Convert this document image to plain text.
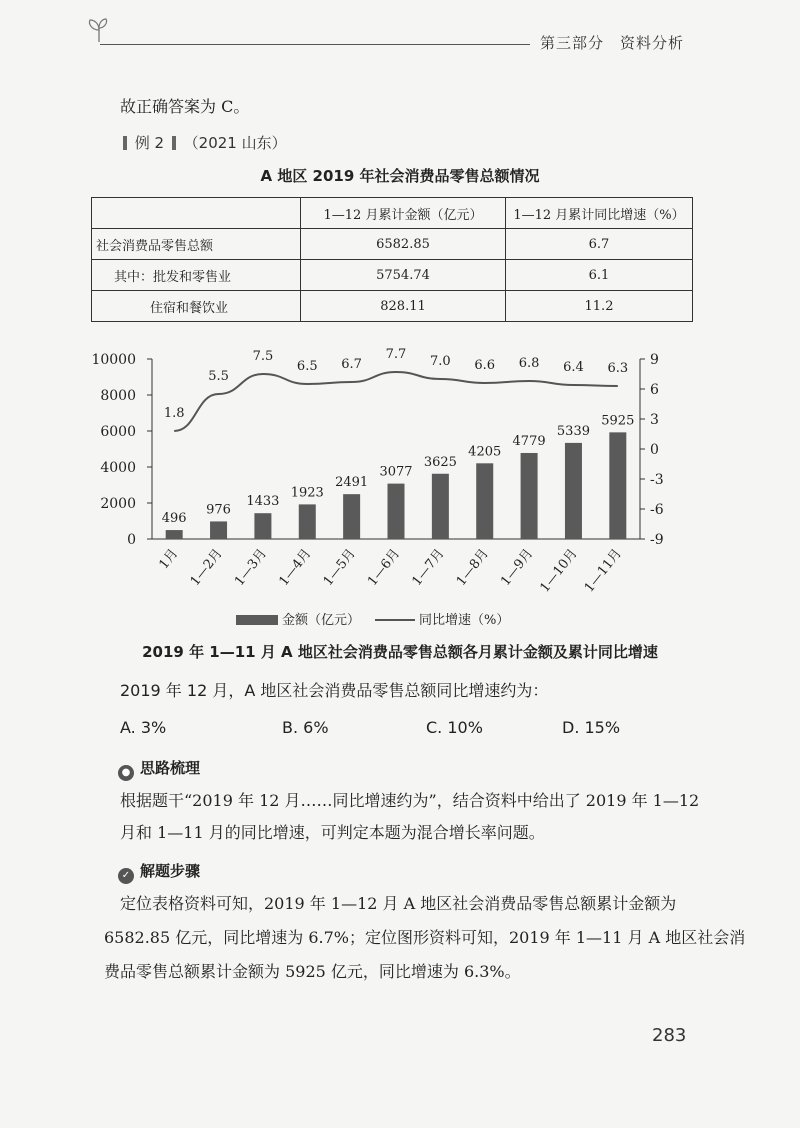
第三部分　资料分析
故正确答案为 C。
例 2 （2021 山东）
A 地区 2019 年社会消费品零售总额情况
	1—12 月累计金额（亿元）	1—12 月累计同比增速（%）
社会消费品零售总额	6582.85	6.7
其中：批发和零售业	5754.74	6.1
住宿和餐饮业	828.11	11.2
0
2000
4000
6000
8000
10000
-9
-6
-3
0
3
6
9
496
976
1433
1923
2491
3077
3625
4205
4779
5339
5925
1.8
5.5
7.5
6.5 6.7
7.7 7.0 6.6 6.8 6.4 6.3
1月 1—2月 1—3月 1—4月 1—5月 1—6月 1—7月 1—8月 1—9月 1—10月 1—11月
金额（亿元）	同比增速（%）
2019 年 1—11 月 A 地区社会消费品零售总额各月累计金额及累计同比增速
2019 年 12 月，A 地区社会消费品零售总额同比增速约为：
A. 3%	B. 6%	C. 10%	D. 15%
● 思路梳理
根据题干“2019 年 12 月……同比增速约为”，结合资料中给出了 2019 年 1—12
月和 1—11 月的同比增速，可判定本题为混合增长率问题。
✓ 解题步骤
定位表格资料可知，2019 年 1—12 月 A 地区社会消费品零售总额累计金额为
6582.85 亿元，同比增速为 6.7%；定位图形资料可知，2019 年 1—11 月 A 地区社会消
费品零售总额累计金额为 5925 亿元，同比增速为 6.3%。
283
